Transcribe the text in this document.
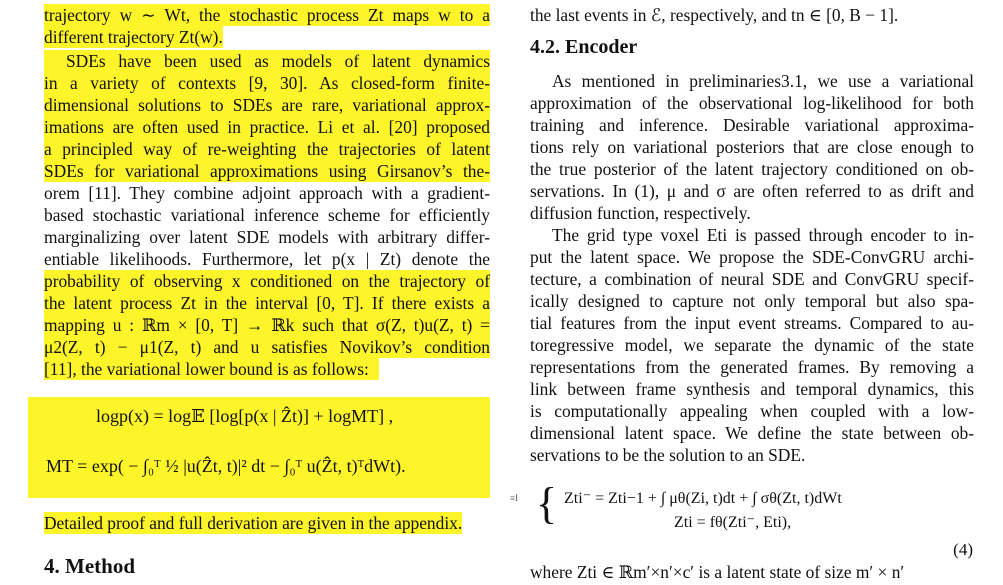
trajectory w ∼ Wt, the stochastic process Zt maps w to a
different trajectory Zt(w).
SDEs have been used as models of latent dynamics
in a variety of contexts [9, 30]. As closed-form finite-
dimensional solutions to SDEs are rare, variational approx-
imations are often used in practice. Li et al. [20] proposed
a principled way of re-weighting the trajectories of latent
SDEs for variational approximations using Girsanov’s the-
orem [11]. They combine adjoint approach with a gradient-
based stochastic variational inference scheme for efficiently
marginalizing over latent SDE models with arbitrary differ-
entiable likelihoods. Furthermore, let p(x | Zt) denote the
probability of observing x conditioned on the trajectory of
the latent process Zt in the interval [0, T]. If there exists a
mapping u : ℝm × [0, T] → ℝk such that σ(Z, t)u(Z, t) =
μ2(Z, t) − μ1(Z, t) and u satisfies Novikov’s condition
[11], the variational lower bound is as follows:
logp(x) = log𝔼 [log[p(x | Ẑt)] + logMT] ,
MT = exp( − ∫₀ᵀ ½ |u(Ẑt, t)|² dt − ∫₀ᵀ u(Ẑt, t)ᵀdWt).
Detailed proof and full derivation are given in the appendix.
4. Method
the last events in ℰ, respectively, and tn ∈ [0, B − 1].
4.2. Encoder
As mentioned in preliminaries3.1, we use a variational
approximation of the observational log-likelihood for both
training and inference. Desirable variational approxima-
tions rely on variational posteriors that are close enough to
the true posterior of the latent trajectory conditioned on ob-
servations. In (1), μ and σ are often referred to as drift and
diffusion function, respectively.
The grid type voxel Eti is passed through encoder to in-
put the latent space. We propose the SDE-ConvGRU archi-
tecture, a combination of neural SDE and ConvGRU specif-
ically designed to capture not only temporal but also spa-
tial features from the input event streams. Compared to au-
toregressive model, we separate the dynamic of the state
representations from the generated frames. By removing a
link between frame synthesis and temporal dynamics, this
is computationally appealing when coupled with a low-
dimensional latent space. We define the state between ob-
servations to be the solution to an SDE.
≡I { Zti⁻ = Zti−1 + ∫ μθ(Zi, t)dt + ∫ σθ(Zt, t)dWt
Zti = fθ(Zti⁻, Eti),
(4)
where Zti ∈ ℝm′×n′×c′ is a latent state of size m′ × n′
